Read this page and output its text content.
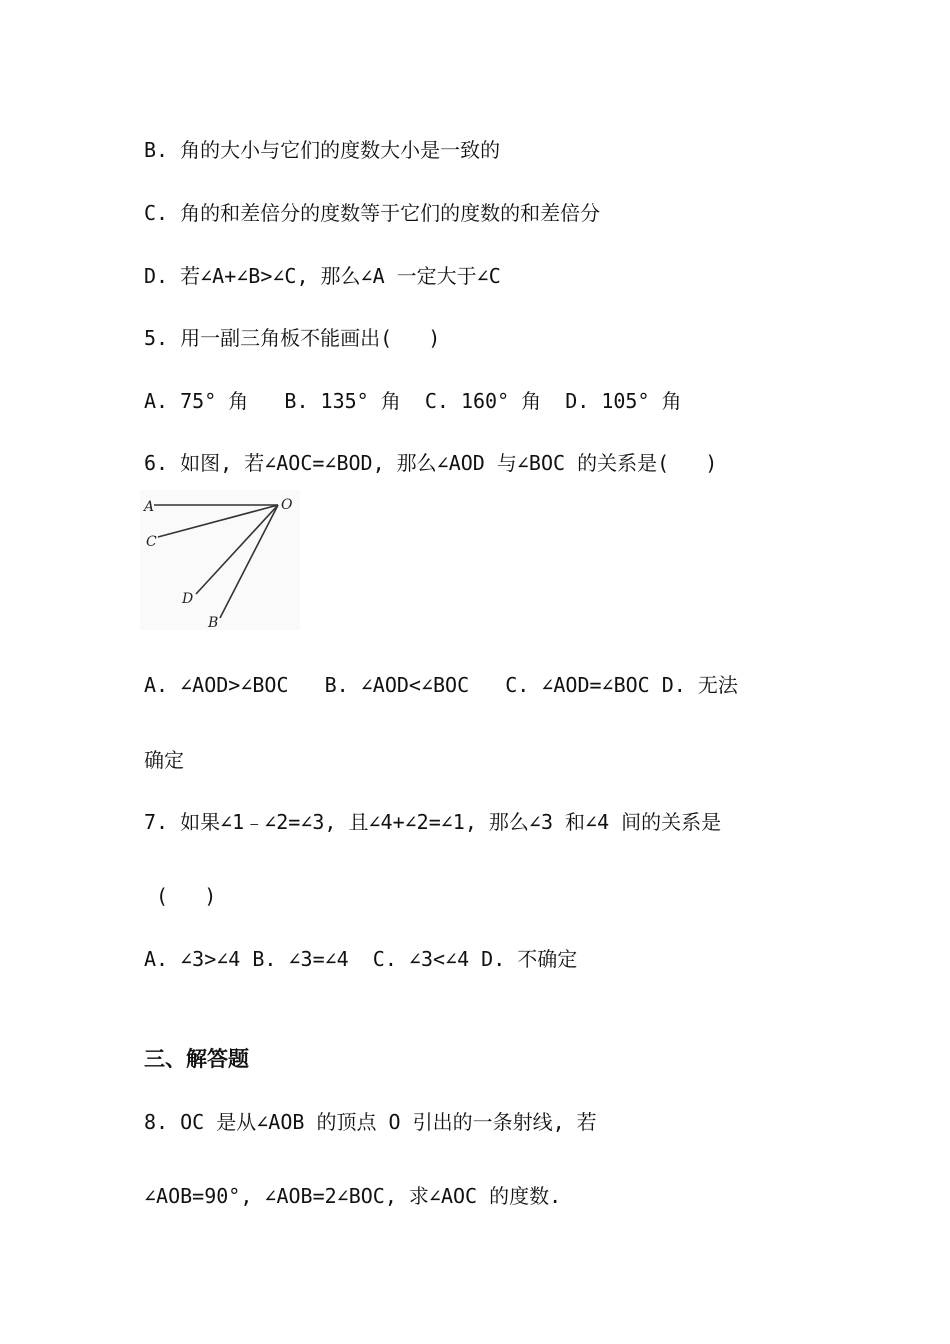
B. 角的大小与它们的度数大小是一致的
C. 角的和差倍分的度数等于它们的度数的和差倍分
D. 若∠A+∠B>∠C, 那么∠A 一定大于∠C
5. 用一副三角板不能画出(   )
A. 75° 角   B. 135° 角  C. 160° 角  D. 105° 角
6. 如图, 若∠AOC=∠BOD, 那么∠AOD 与∠BOC 的关系是(   )
A	O
C
D
B
A. ∠AOD>∠BOC   B. ∠AOD<∠BOC   C. ∠AOD=∠BOC D. 无法
确定
7. 如果∠1﹣∠2=∠3, 且∠4+∠2=∠1, 那么∠3 和∠4 间的关系是
(   )
A. ∠3>∠4 B. ∠3=∠4  C. ∠3<∠4 D. 不确定
三、解答题
8. OC 是从∠AOB 的顶点 O 引出的一条射线, 若
∠AOB=90°, ∠AOB=2∠BOC, 求∠AOC 的度数.
